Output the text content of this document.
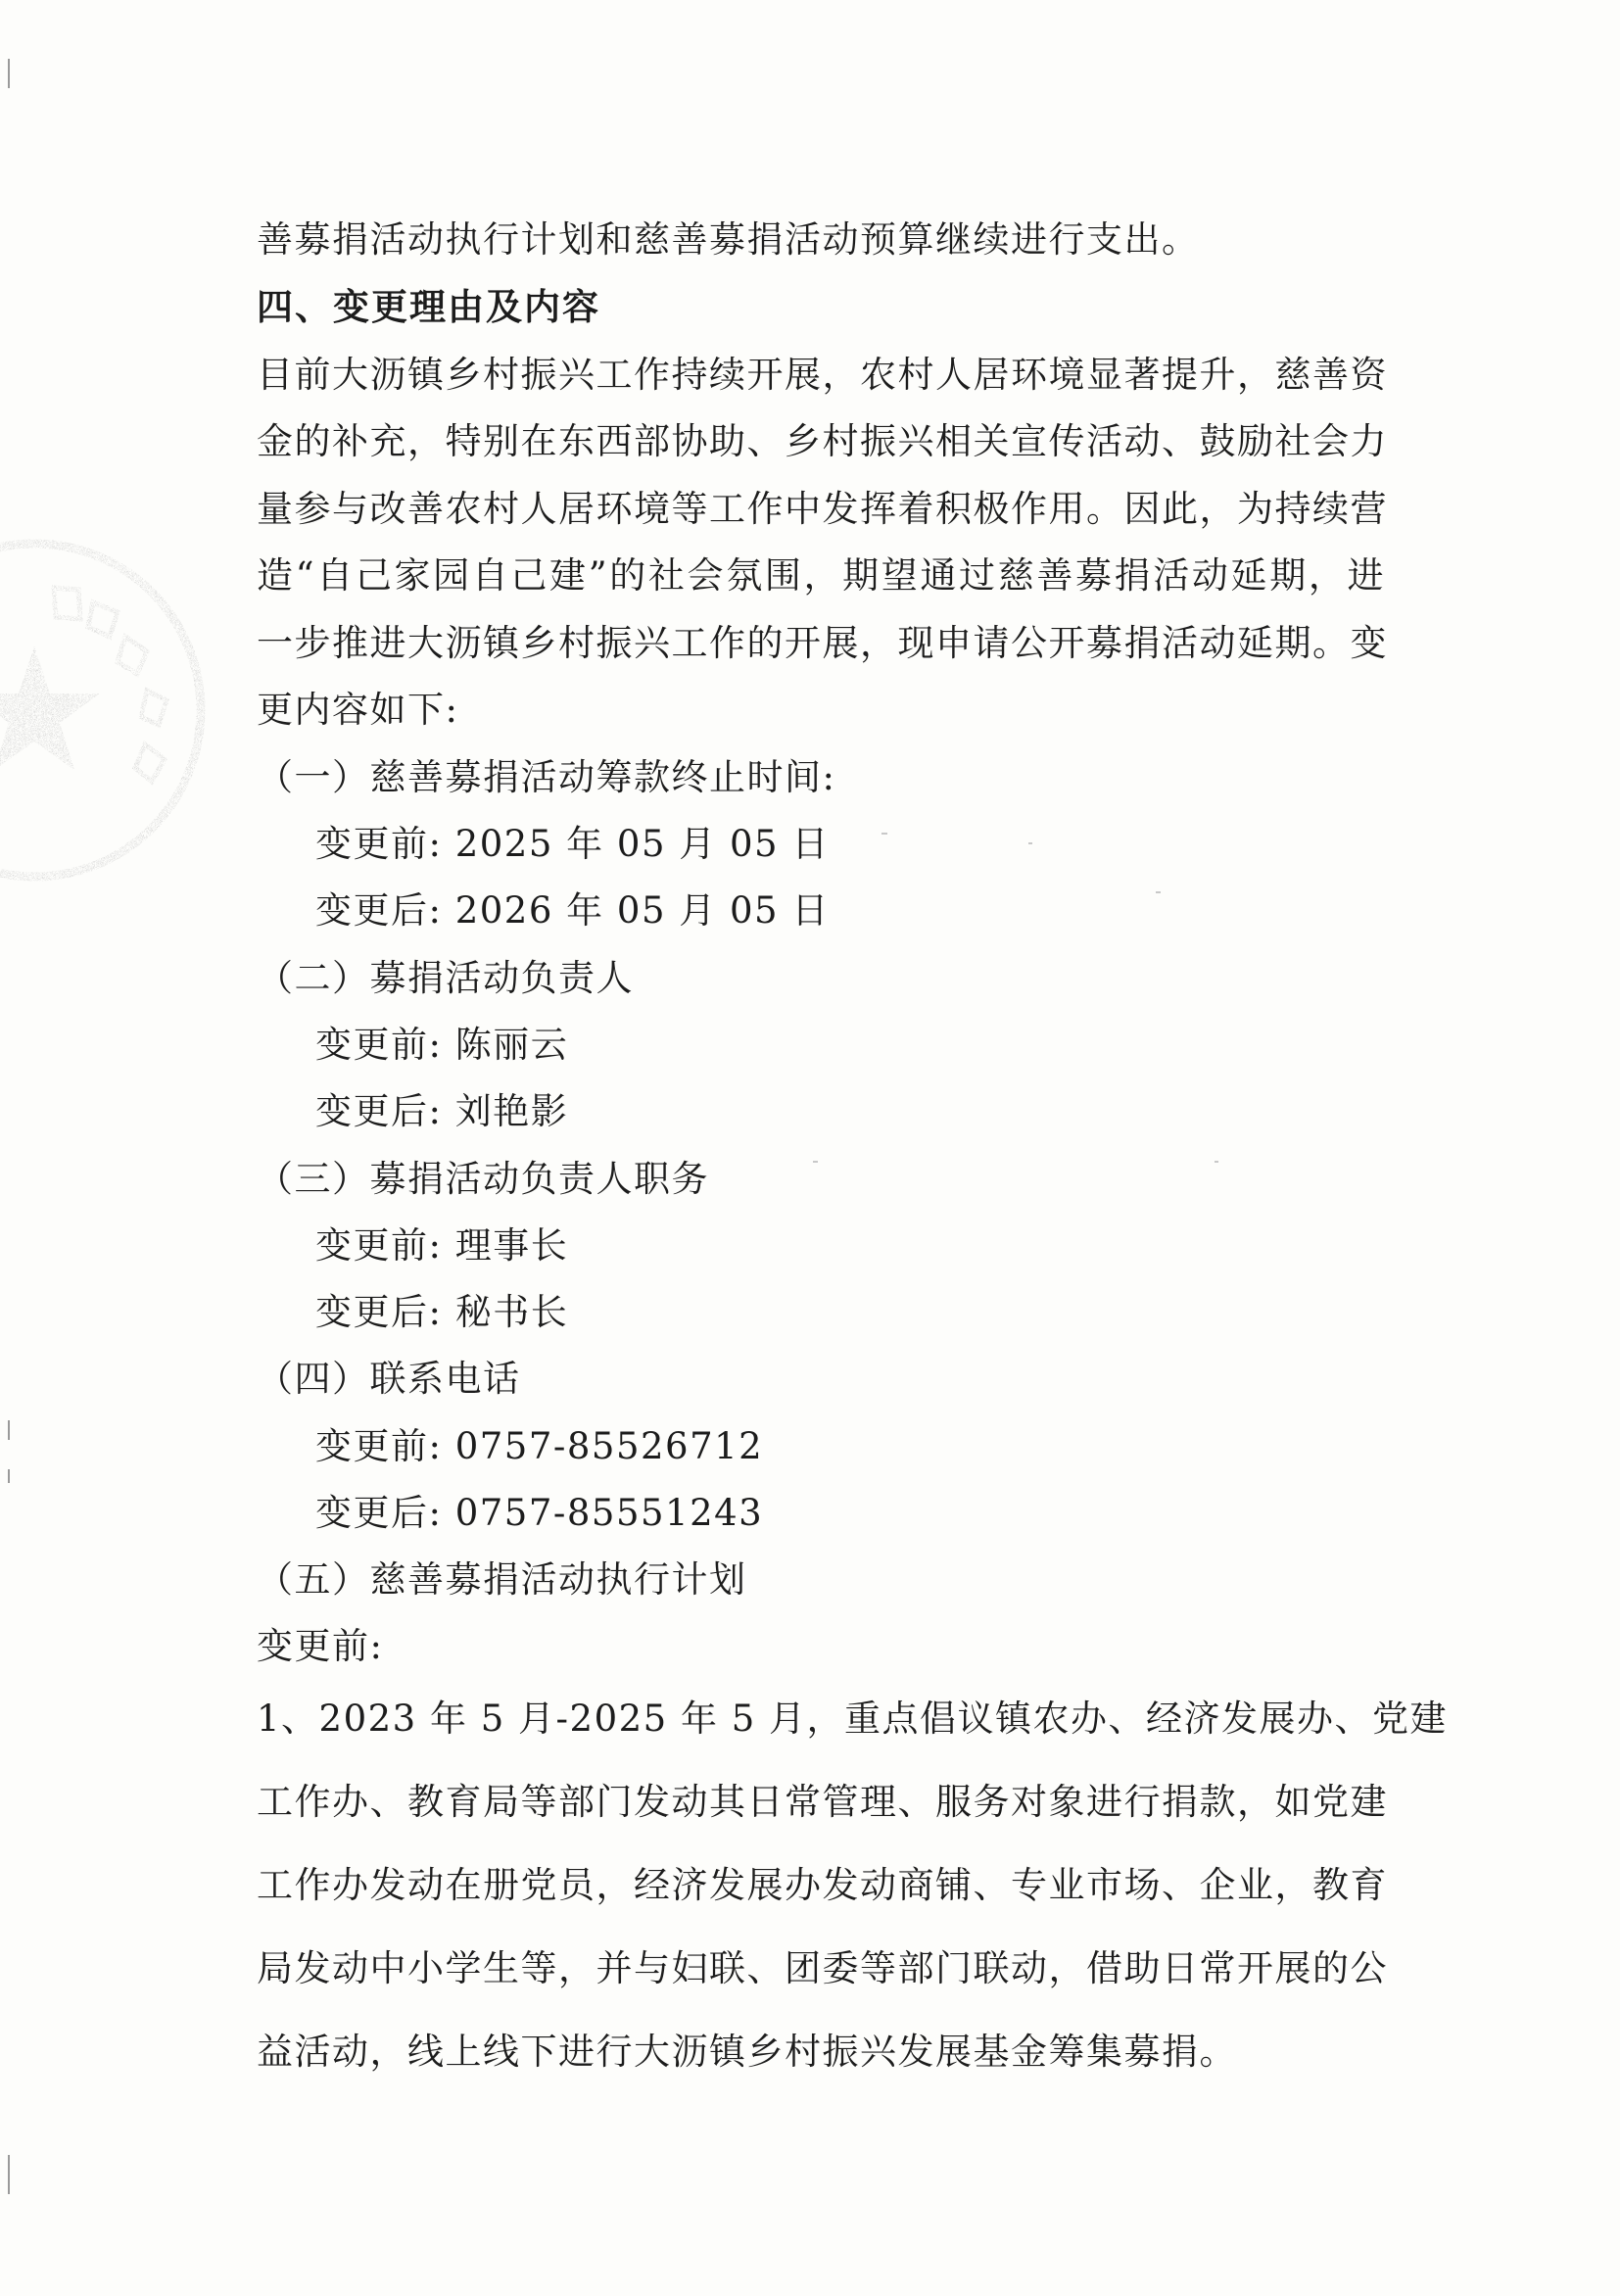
善募捐活动执行计划和慈善募捐活动预算继续进行支出。
四、变更理由及内容
目前大沥镇乡村振兴工作持续开展，农村人居环境显著提升，慈善资
金的补充，特别在东西部协助、乡村振兴相关宣传活动、鼓励社会力
量参与改善农村人居环境等工作中发挥着积极作用。因此，为持续营
造“自己家园自己建”的社会氛围，期望通过慈善募捐活动延期，进
一步推进大沥镇乡村振兴工作的开展，现申请公开募捐活动延期。变
更内容如下:
（一）慈善募捐活动筹款终止时间:
变更前: 2025 年 05 月 05 日
变更后: 2026 年 05 月 05 日
（二）募捐活动负责人
变更前: 陈丽云
变更后: 刘艳影
（三）募捐活动负责人职务
变更前: 理事长
变更后: 秘书长
（四）联系电话
变更前: 0757-85526712
变更后: 0757-85551243
（五）慈善募捐活动执行计划
变更前:
1、2023 年 5 月-2025 年 5 月，重点倡议镇农办、经济发展办、党建
工作办、教育局等部门发动其日常管理、服务对象进行捐款，如党建
工作办发动在册党员，经济发展办发动商铺、专业市场、企业，教育
局发动中小学生等，并与妇联、团委等部门联动，借助日常开展的公
益活动，线上线下进行大沥镇乡村振兴发展基金筹集募捐。
